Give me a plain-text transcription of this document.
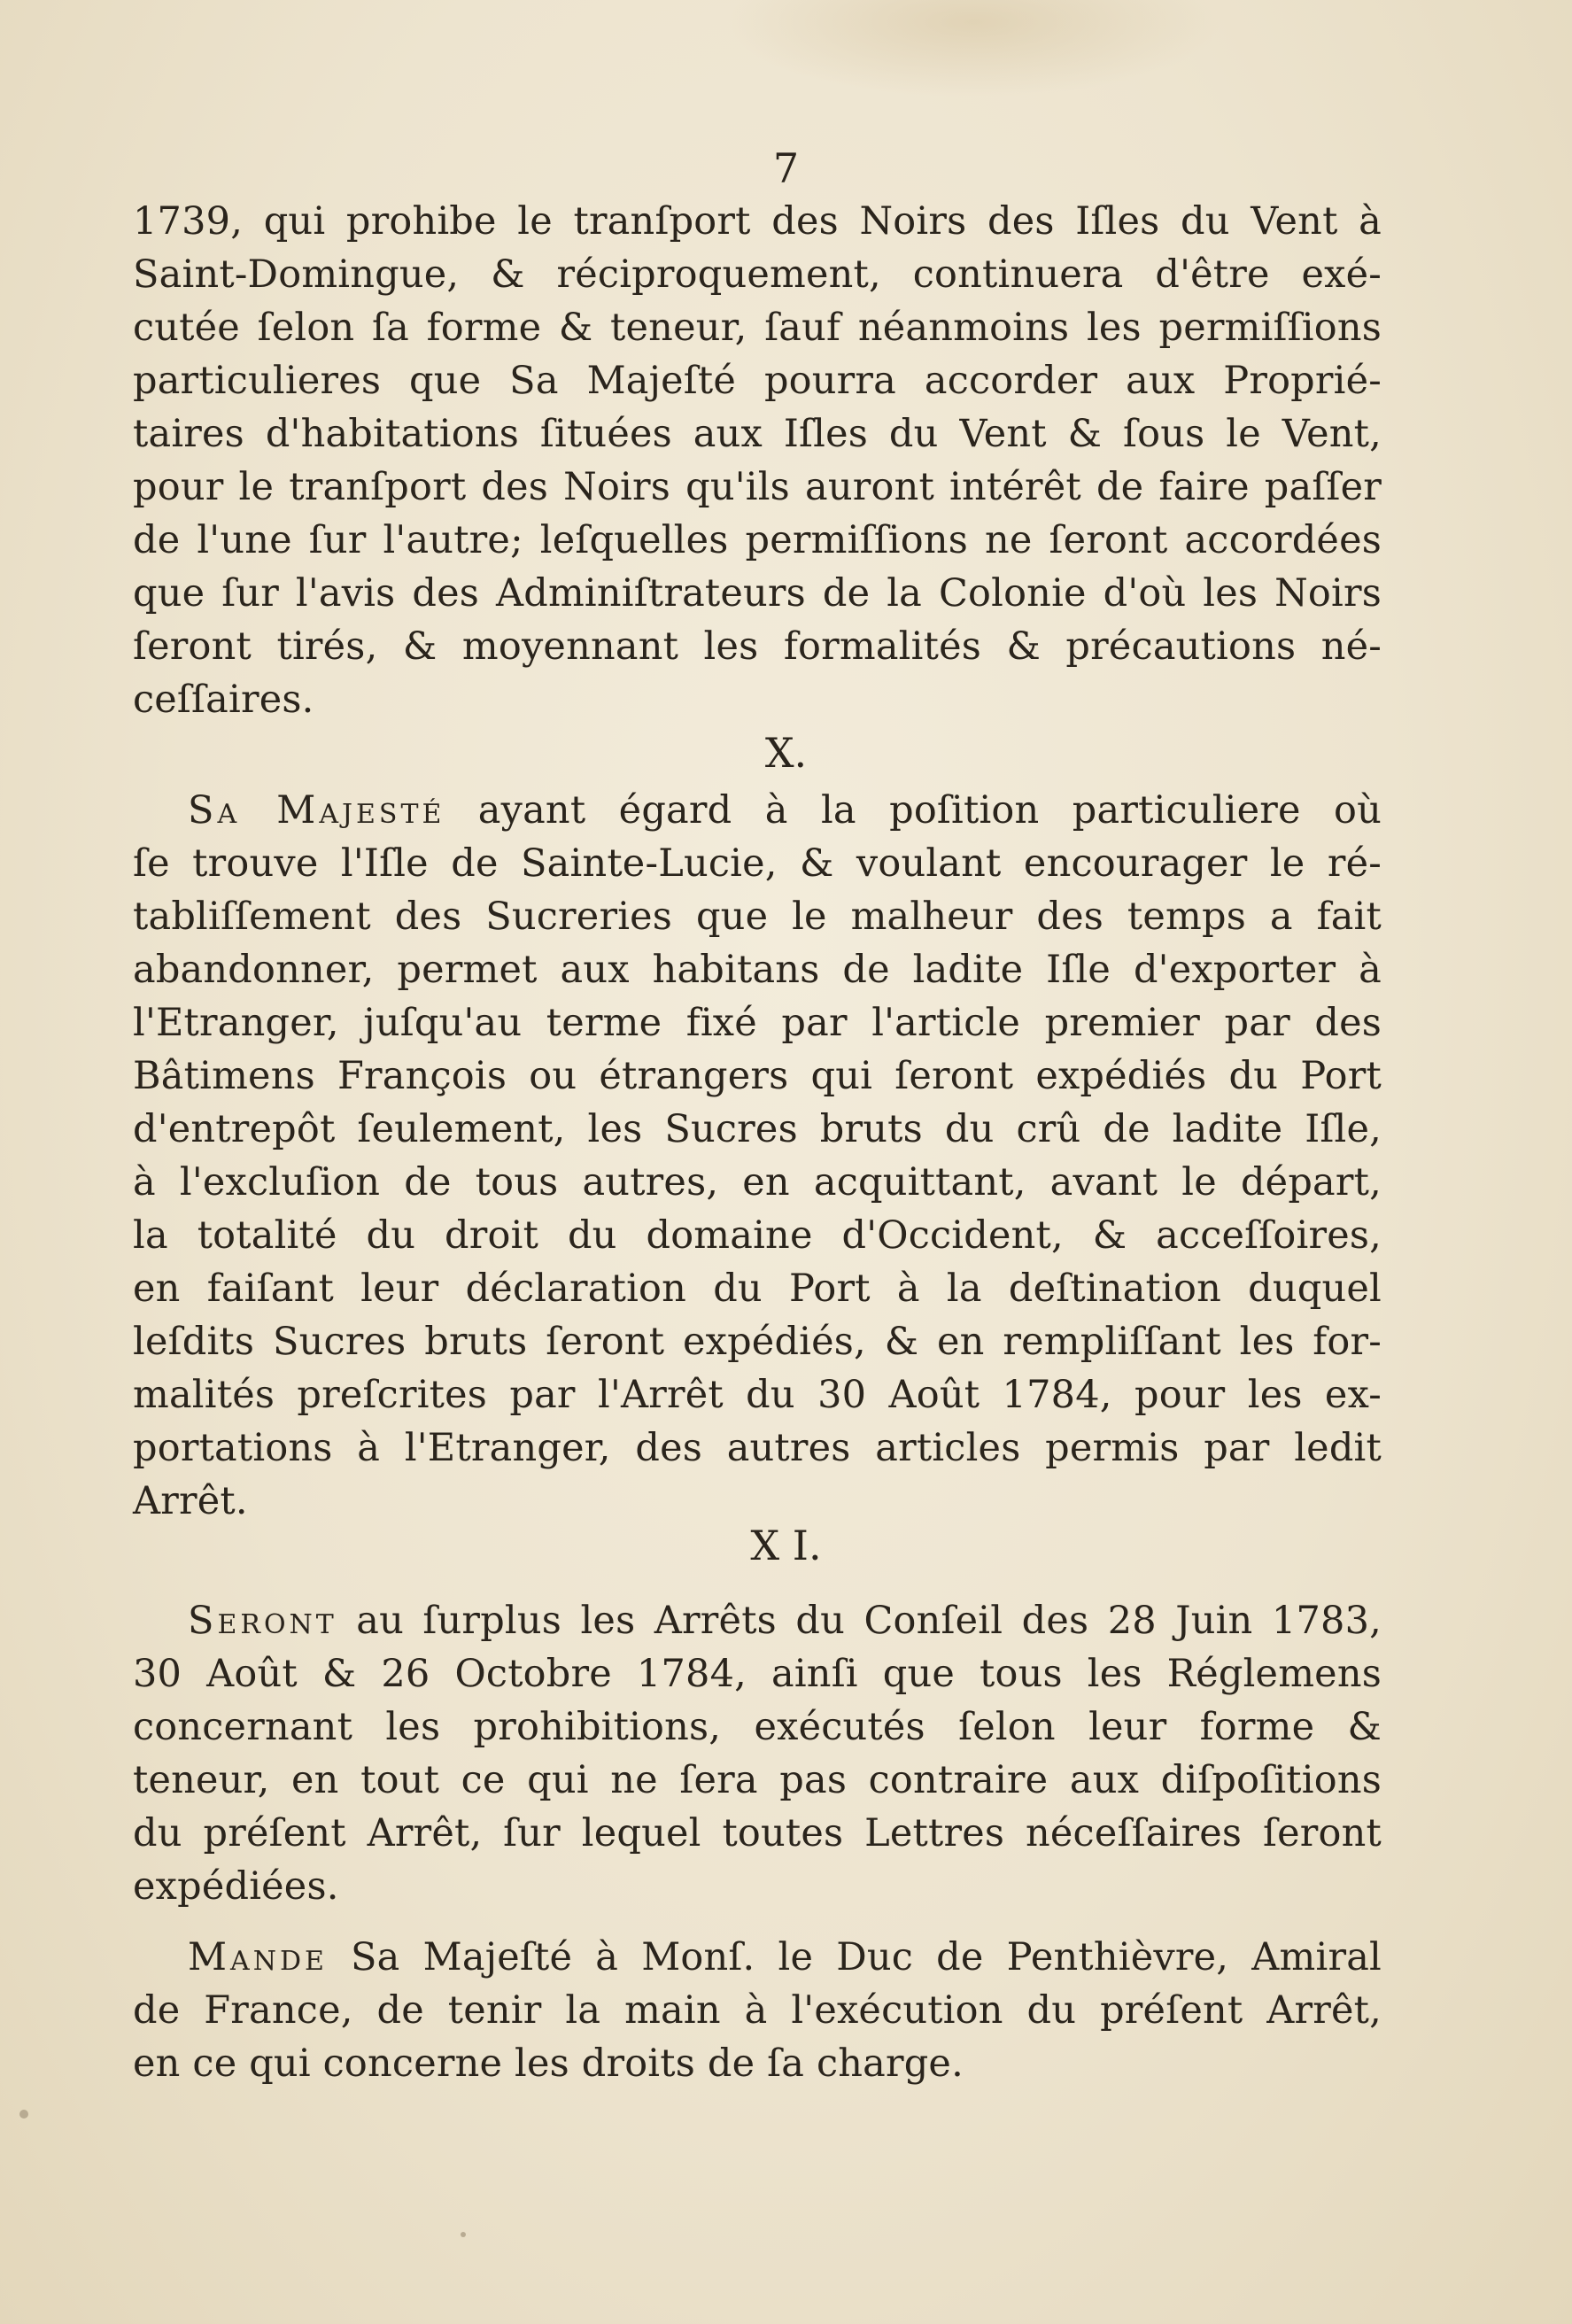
7
1739, qui prohibe le tranſport des Noirs des Iſles du Vent à
Saint-Domingue, & réciproquement, continuera d'être exé-
cutée ſelon ſa forme & teneur, ſauf néanmoins les permiſſions
particulieres que Sa Majeſté pourra accorder aux Proprié-
taires d'habitations ſituées aux Iſles du Vent & ſous le Vent,
pour le tranſport des Noirs qu'ils auront intérêt de faire paſſer
de l'une ſur l'autre; leſquelles permiſſions ne ſeront accordées
que ſur l'avis des Adminiſtrateurs de la Colonie d'où les Noirs
ſeront tirés, & moyennant les formalités & précautions né-
ceſſaires.
X.
Sa Majesté ayant égard à la poſition particuliere où
ſe trouve l'Iſle de Sainte-Lucie, & voulant encourager le ré-
tabliſſement des Sucreries que le malheur des temps a fait
abandonner, permet aux habitans de ladite Iſle d'exporter à
l'Etranger, juſqu'au terme fixé par l'article premier par des
Bâtimens François ou étrangers qui ſeront expédiés du Port
d'entrepôt ſeulement, les Sucres bruts du crû de ladite Iſle,
à l'excluſion de tous autres, en acquittant, avant le départ,
la totalité du droit du domaine d'Occident, & acceſſoires,
en faiſant leur déclaration du Port à la deſtination duquel
leſdits Sucres bruts ſeront expédiés, & en rempliſſant les for-
malités preſcrites par l'Arrêt du 30 Août 1784, pour les ex-
portations à l'Etranger, des autres articles permis par ledit
Arrêt.
X I.
Seront au ſurplus les Arrêts du Conſeil des 28 Juin 1783,
30 Août & 26 Octobre 1784, ainſi que tous les Réglemens
concernant les prohibitions, exécutés ſelon leur forme &
teneur, en tout ce qui ne ſera pas contraire aux diſpoſitions
du préſent Arrêt, ſur lequel toutes Lettres néceſſaires ſeront
expédiées.
Mande Sa Majeſté à Monſ. le Duc de Penthièvre, Amiral
de France, de tenir la main à l'exécution du préſent Arrêt,
en ce qui concerne les droits de ſa charge.
